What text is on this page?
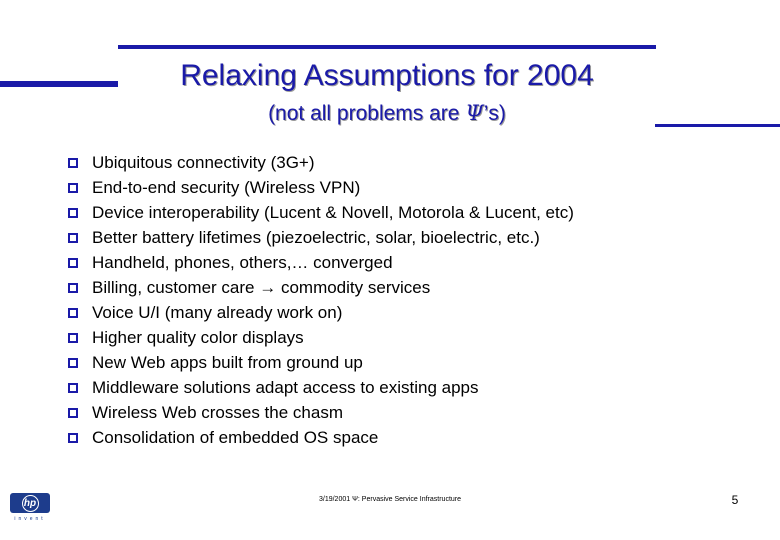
Relaxing Assumptions for 2004
(not all problems are Ψ’s)
Ubiquitous connectivity (3G+)
End-to-end security (Wireless VPN)
Device interoperability (Lucent & Novell, Motorola & Lucent, etc)
Better battery lifetimes (piezoelectric, solar, bioelectric, etc.)
Handheld, phones, others,… converged
Billing, customer care → commodity services
Voice U/I (many already work on)
Higher quality color displays
New Web apps built from ground up
Middleware solutions adapt access to existing apps
Wireless Web crosses the chasm
Consolidation of embedded OS space
hp
invent
3/19/2001 Ψ: Pervasive Service Infrastructure	5
